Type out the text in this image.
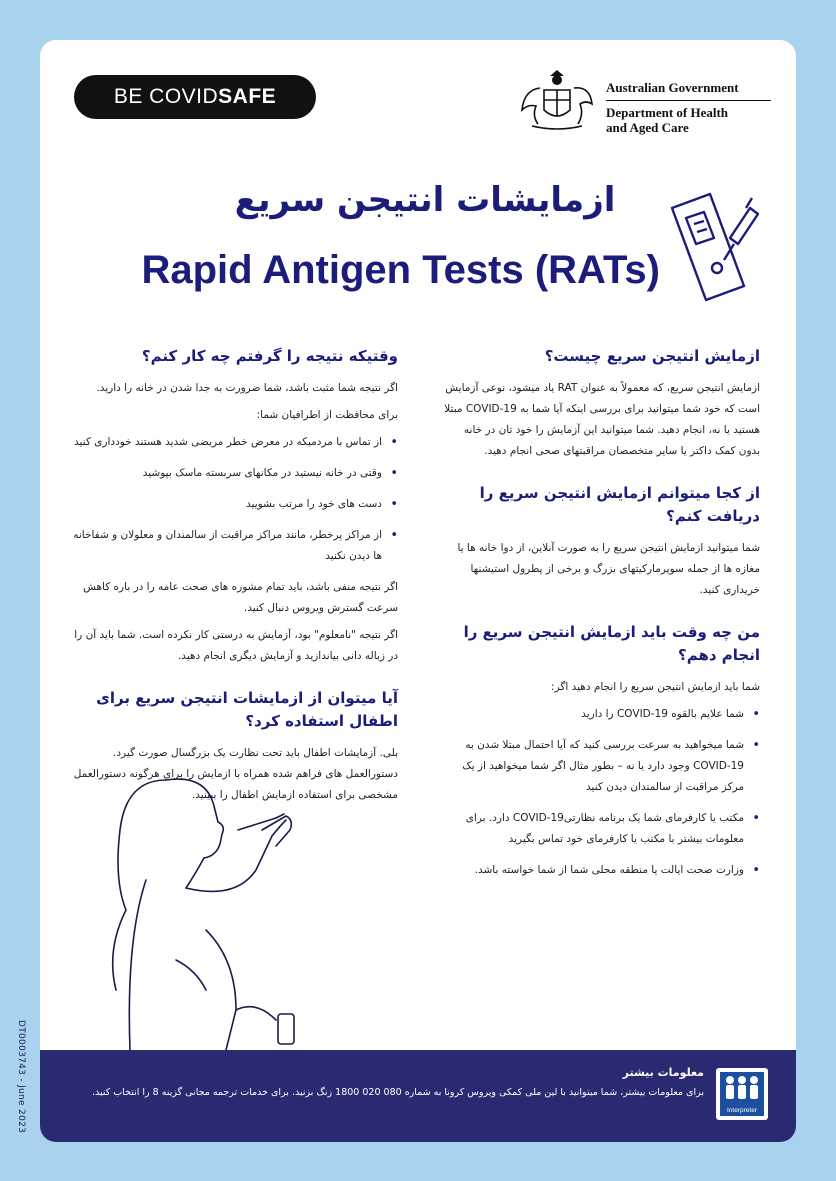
DT0003743 - June 2023
BE COVID SAFE	Australian Government
Department of Health
and Aged Care
ازمایشات انتیجن سریع
Rapid Antigen Tests (RATs)
ازمایش انتیجن سریع چیست؟

ازمایش انتیجن سریع، که معمولاً به عنوان RAT یاد میشود، نوعی آزمایش است که خود شما میتوانید برای بررسی اینکه آیا شما به COVID-19 مبتلا هستید یا نه، انجام دهید. شما میتوانید این آزمایش را خود تان در خانه بدون کمک داکتر یا سایر متخصصان مراقبتهای صحی انجام دهید.

از کجا میتوانم ازمایش انتیجن سریع را دریافت کنم؟

شما میتوانید ازمایش انتیجن سریع را به صورت آنلاین، از دوا خانه ها یا مغازه ها از جمله سوپرمارکیتهای بزرگ و برخی از پطرول استیشنها خریداری کنید.

من چه وقت باید ازمایش انتیجن سریع را انجام دهم؟

شما باید ازمایش انتیجن سریع را انجام دهید اگر:

• شما علایم بالقوه COVID-19 را دارید
• شما میخواهید به سرعت بررسی کنید که آیا احتمال مبتلا شدن به COVID-19 وجود دارد یا نه – بطور مثال اگر شما میخواهید از یک مرکز مراقبت از سالمندان دیدن کنید
• مکتب یا کارفرمای شما یک برنامه نظارتیCOVID-19 دارد. برای معلومات بیشتر با مکتب یا کارفرمای خود تماس بگیرید
• وزارت صحت ایالت یا منطقه محلی شما از شما خواسته باشد.
وقتیکه نتیجه را گرفتم چه کار کنم؟

اگر نتیجه شما مثبت باشد، شما ضرورت به جدا شدن در خانه را دارید.

برای محافظت از اطرافیان شما:

• از تماس با مردمیکه در معرض خطر مریضی شدید هستند خودداری کنید
• وقتی در خانه نیستید در مکانهای سربسته ماسک بپوشید
• دست های خود را مرتب بشویید
• از مراکز پرخطر، مانند مراکز مراقبت از سالمندان و معلولان و شفاخانه ها دیدن نکنید

اگر نتیجه منفی باشد، باید تمام مشوره های صحت عامه را در باره کاهش سرعت گسترش ویروس دنبال کنید.

اگر نتیجه "نامعلوم" بود، آزمایش به درستی کار نکرده است. شما باید آن را در زباله دانی بیاندازید و آزمایش دیگری انجام دهید.

آیا میتوان از ازمایشات انتیجن سریع برای اطفال استفاده کرد؟

بلی. آزمایشات اطفال باید تحت نظارت یک بزرگسال صورت گیرد. دستورالعمل های فراهم شده همراه با ازمایش را برای هرگونه دستورالعمل مشخصی برای استفاده ازمایش اطفال را ببینید.

Interpreter
معلومات بیشتر
برای معلومات بیشتر، شما میتوانید با لین ملی کمکی ویروس کرونا به شماره 080 020 1800 زنگ بزنید. برای خدمات ترجمه مجانی گزینه 8 را انتخاب کنید.
